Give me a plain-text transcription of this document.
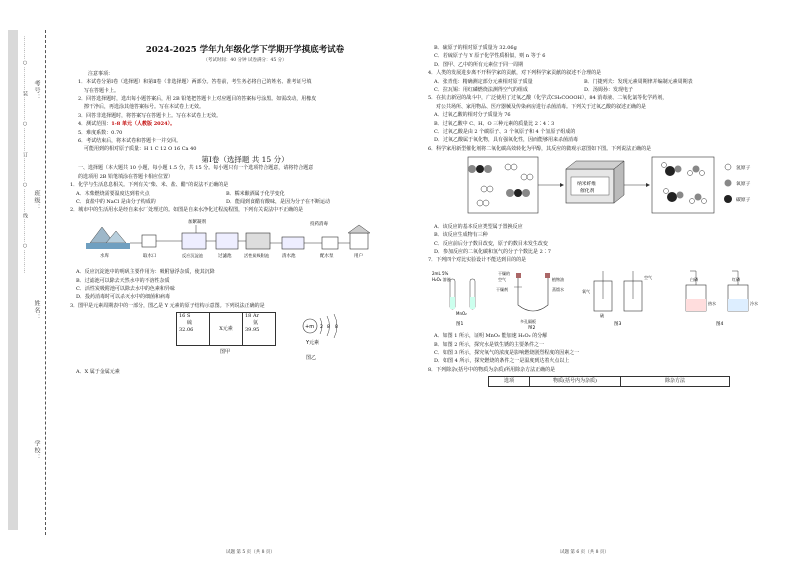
…………○…………装…………○…………订…………○…………线…………○…………
学校：
姓名：
班级：
考号：
2024-2025 学年九年级化学下学期开学摸底考试卷
（考试时间：40 分钟 试卷满分：45 分）
注意事项：
1．本试卷分第Ⅰ卷（选择题）和第Ⅱ卷（非选择题）两部分。答卷前，考生务必将自己的姓名、准考证号填
写在答题卡上。
2．回答选择题时，选出每小题答案后，用 2B 铅笔把答题卡上对应题目的答案标号涂黑。如需改动，用橡皮
擦干净后，再选涂其他答案标号。写在本试卷上无效。
3．回答非选择题时，将答案写在答题卡上。写在本试卷上无效。
4．测试范围：1-8 单元（人教版 2024）。
5．难度系数：0.70
6．考试结束后，将本试卷和答题卡一并交回。
可能用到的相对原子质量：H 1 C 12 O 16 Ca 40
第Ⅰ卷（选择题 共 15 分）
一、选择题（本大题共 10 小题，每小题 1.5 分，共 15 分。每小题只有一个选项符合题意，请将符合题意
的选项用 2B 铅笔填涂在答题卡相应位置）
1．化学与生活息息相关。下列有关“柴、米、盐、醋”的说法不正确的是
A．木柴燃烧需要温度达到着火点	B．糯米酿酒属于化学变化
C．食盐中的 NaCl 是由分子构成的	D．能闻到食醋有酸味，是因为分子在不断运动
2．城市中的生活用水是经自来水厂处理过的。如图是自来水净化过程流程图，下列有关说法中不正确的是
水库	取水口
加絮凝剂
反应沉淀池	过滤池	活性炭吸附池	清水池
投药消毒
配水泵	用户
A．反应沉淀池中的明矾主要作用为：吸附悬浮杂质，使其沉降
B．过滤池可以除去天然水中的不溶性杂质
C．活性炭吸附池可以除去水中的色素和异味
D．投药消毒时可以杀灭水中的细菌和病毒
3．图甲是元素周期表中的一部分，图乙是 Y 元素的原子结构示意图。下列说法正确的是
16 S
硫
32.06	X元素
18 Ar
氩
39.95
图甲
+m 2 8 8
Y元素
图乙
A．X 属于金属元素
试题 第 5 页（共 8 页）
B．硫原子的相对原子质量为 32.06g
C．若硫原子与 Y 原子化学性质相似，则 n 等于 6
D．图甲、乙中的所有元素位于同一周期
4．人类的发展进步离不开科学家的贡献，对下列科学家贡献的叙述不合理的是
A．张青莲：精确测定部分元素相对原子质量	B．门捷列夫：发现元素周期律并编制元素周期表
C．拉瓦锡：用红磷燃烧法测得空气的组成	D．汤姆孙：发现电子
5．在抗击新冠的战斗中，广泛使用了过氧乙酸（化学式CH₃COOOH），84 消毒液、二氧化氯等化学药剂，
对公共场所、家用物品、医疗器械及传染病房进行杀菌消毒。下列关于过氧乙酸的叙述正确的是
A．过氧乙酸的相对分子质量为 76
B．过氧乙酸中 C、H、O 三种元素的质量比 2∶4∶3
C．过氧乙酸是由 2 个碳原子、3 个氧原子和 4 个氢原子组成的
D．过氧乙酸属于氧化物，具有强氧化性，因而能够用来杀菌消毒
6．科学家用新型催化剂将二氧化碳高效转化为甲醇，其反应的微观示意图如下图。下列说法正确的是
纳米纤维
催化剂
氢原子
氧原子
碳原子
A．该反应的基本反应类型属于置换反应
B．该反应生成物有三种
C．反应前后分子数目改变，原子的数目未发生改变
D．参加反应的二氧化碳和氢气的分子个数比是 2∶7
7．下列四个对比实验设计不能达到目的的是
2mL 5%
H₂O₂ 溶液
MnO₂
图1
干燥的
空气
干燥剂
植物油
蒸馏水
多孔隔板
图2
氧气
空气
硫
图3
白磷
热水	冷水
红磷
图4
A．如图 1 所示，证明 MnO₂ 能加速 H₂O₂ 的分解
B．如图 2 所示，探究水是铁生锈的主要条件之一
C．如图 3 所示，探究氧气的浓度是影响燃烧剧烈程度的因素之一
D．如图 4 所示，探究燃烧的条件之一是温度到达着火点以上
8．下列除杂(括号中的物质为杂质)所用除杂方法正确的是
选项	物质(括号内为杂质)	除杂方法
试题 第 6 页（共 8 页）
